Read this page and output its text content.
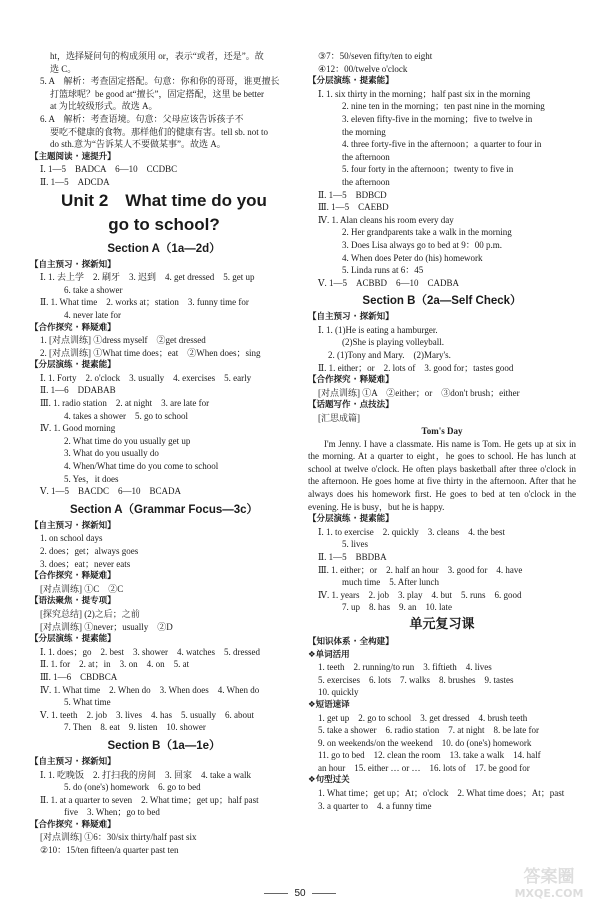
ht，选择疑问句的构成须用 or，表示“或者，还是”。故
选 C。
5. A　解析：考查固定搭配。句意：你和你的哥哥，谁更擅长
打篮球呢？be good at“擅长”，固定搭配，这里 be better
at 为比较级形式。故选 A。
6. A　解析：考查语境。句意：父母应该告诉孩子不
要吃不健康的食物。那样他们的健康有害。tell sb. not to
do sth.意为“告诉某人不要做某事”。故选 A。
【主题阅读 · 速提升】
Ⅰ. 1—5　BADCA　6—10　CCDBC
Ⅱ. 1—5　ADCDA
Unit 2　What time do you
go to school?
Section A（1a—2d）
【自主预习 · 探新知】
Ⅰ. 1. 去上学　2. 刷牙　3. 迟到　4. get dressed　5. get up
6. take a shower
Ⅱ. 1. What time　2. works at；station　3. funny time for
4. never late for
【合作探究 · 释疑难】
1. [对点训练] ①dress myself　②get dressed
2. [对点训练] ①What time does；eat　②When does；sing
【分层演练 · 提素能】
Ⅰ. 1. Forty　2. o'clock　3. usually　4. exercises　5. early
Ⅱ. 1—6　DDABAB
Ⅲ. 1. radio station　2. at night　3. are late for
4. takes a shower　5. go to school
Ⅳ. 1. Good morning
2. What time do you usually get up
3. What do you usually do
4. When/What time do you come to school
5. Yes，it does
Ⅴ. 1—5　BACDC　6—10　BCADA
Section A（Grammar Focus—3c）
【自主预习 · 探新知】
1. on school days
2. does；get；always goes
3. does；eat；never eats
【合作探究 · 释疑难】
[对点训练] ①C　②C
【语法聚焦 · 提专项】
[探究总结] (2)之后；之前
[对点训练] ①never；usually　②D
【分层演练 · 提素能】
Ⅰ. 1. does；go　2. best　3. shower　4. watches　5. dressed
Ⅱ. 1. for　2. at；in　3. on　4. on　5. at
Ⅲ. 1—6　CBDBCA
Ⅳ. 1. What time　2. When do　3. When does　4. When do
5. What time
Ⅴ. 1. teeth　2. job　3. lives　4. has　5. usually　6. about
7. Then　8. eat　9. listen　10. shower
Section B（1a—1e）
【自主预习 · 探新知】
Ⅰ. 1. 吃晚饭　2. 打扫我的房间　3. 回家　4. take a walk
5. do (one's) homework　6. go to bed
Ⅱ. 1. at a quarter to seven　2. What time；get up；half past
five　3. When；go to bed
【合作探究 · 释疑难】
[对点训练] ①6：30/six thirty/half past six
②10：15/ten fifteen/a quarter past ten
③7：50/seven fifty/ten to eight
④12：00/twelve o'clock
【分层演练 · 提素能】
Ⅰ. 1. six thirty in the morning；half past six in the morning
2. nine ten in the morning；ten past nine in the morning
3. eleven fifty-five in the morning；five to twelve in
the morning
4. three forty-five in the afternoon；a quarter to four in
the afternoon
5. four forty in the afternoon；twenty to five in
the afternoon
Ⅱ. 1—5　BDBCD
Ⅲ. 1—5　CAEBD
Ⅳ. 1. Alan cleans his room every day
2. Her grandparents take a walk in the morning
3. Does Lisa always go to bed at 9：00 p.m.
4. When does Peter do (his) homework
5. Linda runs at 6：45
Ⅴ. 1—5　ACBBD　6—10　CADBA
Section B（2a—Self Check）
【自主预习 · 探新知】
Ⅰ. 1. (1)He is eating a hamburger.
(2)She is playing volleyball.
2. (1)Tony and Mary.　(2)Mary's.
Ⅱ. 1. either；or　2. lots of　3. good for；tastes good
【合作探究 · 释疑难】
[对点训练] ①A　②either；or　③don't brush；either
【话题写作 · 点技法】
[汇思成篇]
Tom's Day
I'm Jenny. I have a classmate. His name is Tom. He gets up at six in the morning. At a quarter to eight，he goes to school. He has lunch at school at twelve o'clock. He often plays basketball after three o'clock in the afternoon. He goes home at five thirty in the afternoon. After that he always does his homework first. He goes to bed at ten o'clock in the evening. He is busy，but he is happy.
【分层演练 · 提素能】
Ⅰ. 1. to exercise　2. quickly　3. cleans　4. the best
5. lives
Ⅱ. 1—5　BBDBA
Ⅲ. 1. either；or　2. half an hour　3. good for　4. have
much time　5. After lunch
Ⅳ. 1. years　2. job　3. play　4. but　5. runs　6. good
7. up　8. has　9. an　10. late
单元复习课
【知识体系 · 全构建】
❖单词活用
1. teeth　2. running/to run　3. fiftieth　4. lives
5. exercises　6. lots　7. walks　8. brushes　9. tastes
10. quickly
❖短语速译
1. get up　2. go to school　3. get dressed　4. brush teeth
5. take a shower　6. radio station　7. at night　8. be late for
9. on weekends/on the weekend　10. do (one's) homework
11. go to bed　12. clean the room　13. take a walk　14. half
an hour　15. either … or …　16. lots of　17. be good for
❖句型过关
1. What time；get up；At；o'clock　2. What time does；At；past
3. a quarter to　4. a funny time
50
答案圈
MXQE.COM
